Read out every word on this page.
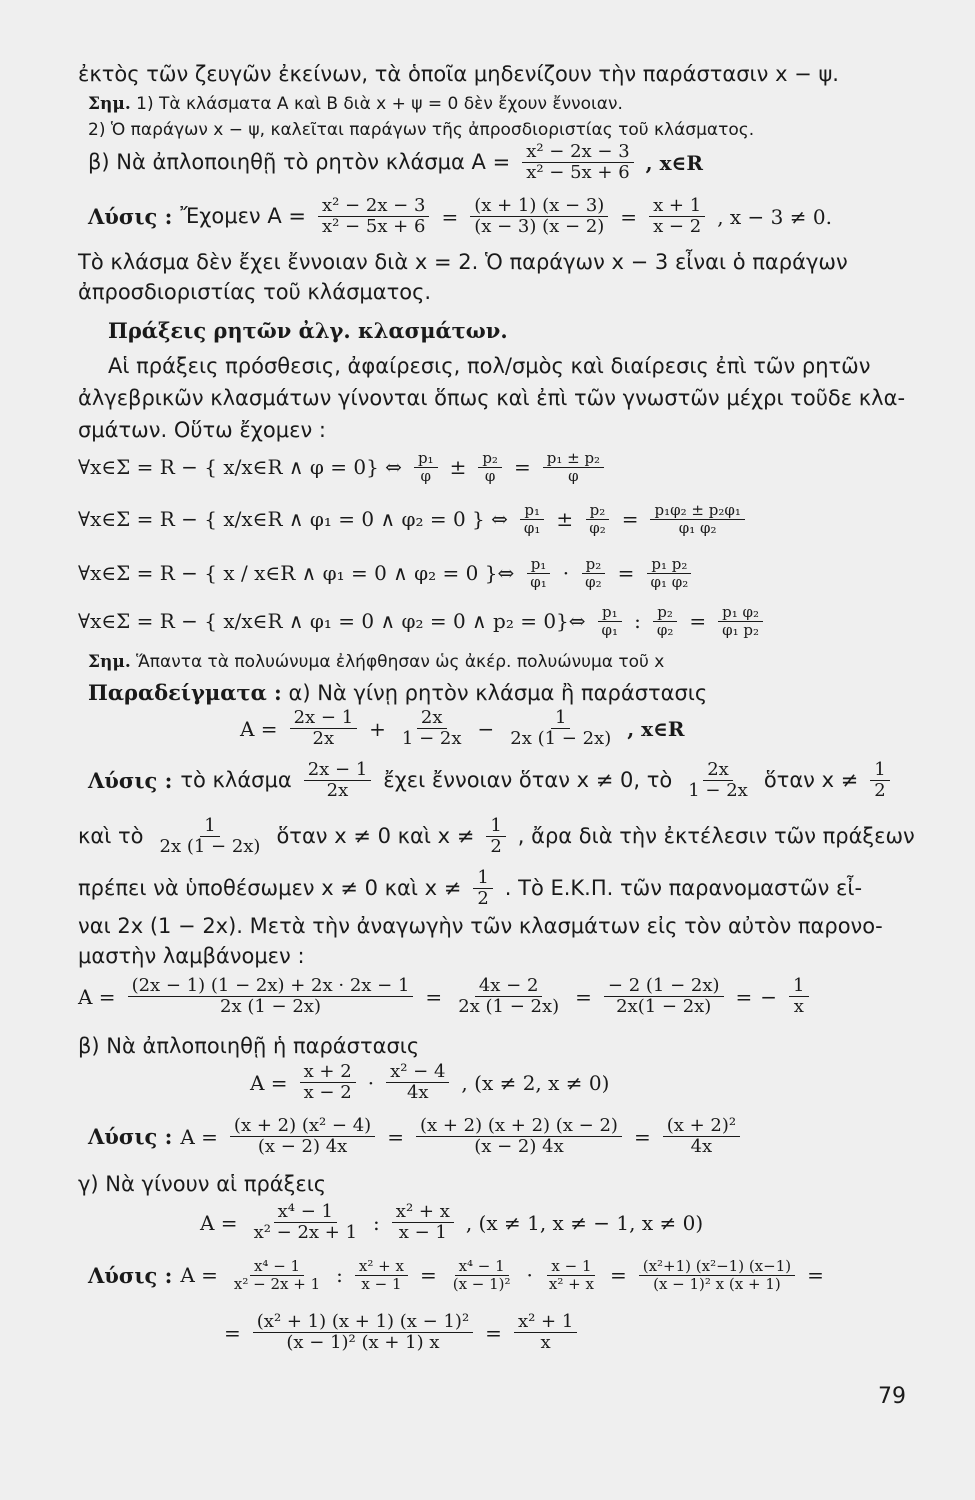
ἐκτὸς τῶν ζευγῶν ἐκείνων, τὰ ὁποῖα μηδενίζουν τὴν παράστασιν x − ψ.
Σημ. 1) Τὰ κλάσματα A καὶ B διὰ x + ψ = 0 δὲν ἔχουν ἔννοιαν.
2) Ὁ παράγων x − ψ, καλεῖται παράγων τῆς ἀπροσδιοριστίας τοῦ κλάσματος.
β) Νὰ ἀπλοποιηθῇ τὸ ρητὸν κλάσμα $A = \frac{\text{x² − 2x − 3}}{\text{x² − 5x + 6}}$ , x∈R
Λύσις : Ἔχομεν $A = \frac{\text{x² − 2x − 3}}{\text{x² − 5x + 6}} = \frac{(x + 1) (x - 3)}{(x - 3) (x - 2)} = \frac{x + 1}{x - 2}$ , x − 3 ≠ 0.
Τὸ κλάσμα δὲν ἔχει ἔννοιαν διὰ x = 2. Ὁ παράγων x − 3 εἶναι ὁ παράγων
ἀπροσδιοριστίας τοῦ κλάσματος.
Πράξεις ρητῶν ἀλγ. κλασμάτων.
Αἱ πράξεις πρόσθεσις, ἀφαίρεσις, πολ/σμὸς καὶ διαίρεσις ἐπὶ τῶν ρητῶν
ἀλγεβρικῶν κλασμάτων γίνονται ὅπως καὶ ἐπὶ τῶν γνωστῶν μέχρι τοῦδε κλα-
σμάτων. Οὕτω ἔχομεν :
∀x∈Σ = R − { x/x∈R ∧ φ = 0} ⇔ $\frac{\text{p₁}}{\varphi} \pm \frac{\text{p₂}}{\varphi} = \frac{\text{p₁ ± p₂}}{\varphi}$
∀x∈Σ = R − { x/x∈R ∧ φ₁ = 0 ∧ φ₂ = 0 } ⇔ $\frac{\text{p₁}}{\text{φ₁}} \pm \frac{\text{p₂}}{\text{φ₂}} = \frac{\text{p₁φ₂ ± p₂φ₁}}{\text{φ₁ φ₂}}$
∀x∈Σ = R − { x / x∈R ∧ φ₁ = 0 ∧ φ₂ = 0 }⇔ $\frac{\text{p₁}}{\text{φ₁}} \cdot \frac{\text{p₂}}{\text{φ₂}} = \frac{\text{p₁ p₂}}{\text{φ₁ φ₂}}$
∀x∈Σ = R − { x/x∈R ∧ φ₁ = 0 ∧ φ₂ = 0 ∧ p₂ = 0}⇔ $\frac{\text{p₁}}{\text{φ₁}}$ : $\frac{\text{p₂}}{\text{φ₂}} = \frac{\text{p₁ φ₂}}{\text{φ₁ p₂}}$
Σημ. Ἅπαντα τὰ πολυώνυμα ἐλήφθησαν ὡς ἀκέρ. πολυώνυμα τοῦ x
Παραδείγματα : α) Νὰ γίνῃ ρητὸν κλάσμα ἢ παράστασις
$A = \frac{2x - 1}{2x} + \frac{2x}{1 - 2x} - \frac{1}{2x (1 - 2x)}$ , x∈R
Λύσις : τὸ κλάσμα $\frac{2x - 1}{2x}$ ἔχει ἔννοιαν ὅταν x ≠ 0, τὸ $\frac{2x}{1 - 2x}$ ὅταν $x \ne \frac{1}{2}$
καὶ τὸ $\frac{1}{2x (1 - 2x)}$ ὅταν x ≠ 0 καὶ $x \ne \frac{1}{2}$ , ἄρα διὰ τὴν ἐκτέλεσιν τῶν πράξεων
πρέπει νὰ ὑποθέσωμεν x ≠ 0 καὶ $x \ne \frac{1}{2}$ . Τὸ Ε.Κ.Π. τῶν παρανομαστῶν εἶ-
ναι 2x (1 − 2x). Μετὰ τὴν ἀναγωγὴν τῶν κλασμάτων εἰς τὸν αὐτὸν παρονο-
μαστὴν λαμβάνομεν :
$A = \frac{(2x - 1) (1 - 2x) + 2x \cdot 2x - 1}{2x (1 - 2x)} = \frac{4x - 2}{2x (1 - 2x)} = \frac{- 2 (1 - 2x)}{2x(1 - 2x)}$ = − $\frac{1}{x}$
β) Νὰ ἀπλοποιηθῇ ἡ παράστασις
$A = \frac{x + 2}{x - 2} \cdot \frac{\text{x² − 4}}{4x}$ , (x ≠ 2, x ≠ 0)
Λύσις : $A = \frac{\text{(x + 2) (x² − 4)}}{(x - 2) 4x} = \frac{(x + 2) (x + 2) (x - 2)}{(x - 2) 4x} = \frac{\text{(x + 2)²}}{4x}$
γ) Νὰ γίνουν αἱ πράξεις
$A = \frac{\text{x⁴ − 1}}{\text{x² − 2x + 1}}$ : $\frac{\text{x² + x}}{x - 1}$ , (x ≠ 1, x ≠ − 1, x ≠ 0)
Λύσις : $A = \frac{\text{x⁴ − 1}}{\text{x² − 2x + 1}}$ : $\frac{\text{x² + x}}{x - 1} = \frac{\text{x⁴ − 1}}{\text{(x − 1)²}} \cdot \frac{x - 1}{\text{x² + x}} = \frac{\text{(x²+1) (x²−1) (x−1)}}{\text{(x − 1)² x (x + 1)}}$ =
= $\frac{\text{(x² + 1) (x + 1) (x − 1)²}}{\text{(x − 1)² (x + 1) x}} = \frac{\text{x² + 1}}{x}$
79
